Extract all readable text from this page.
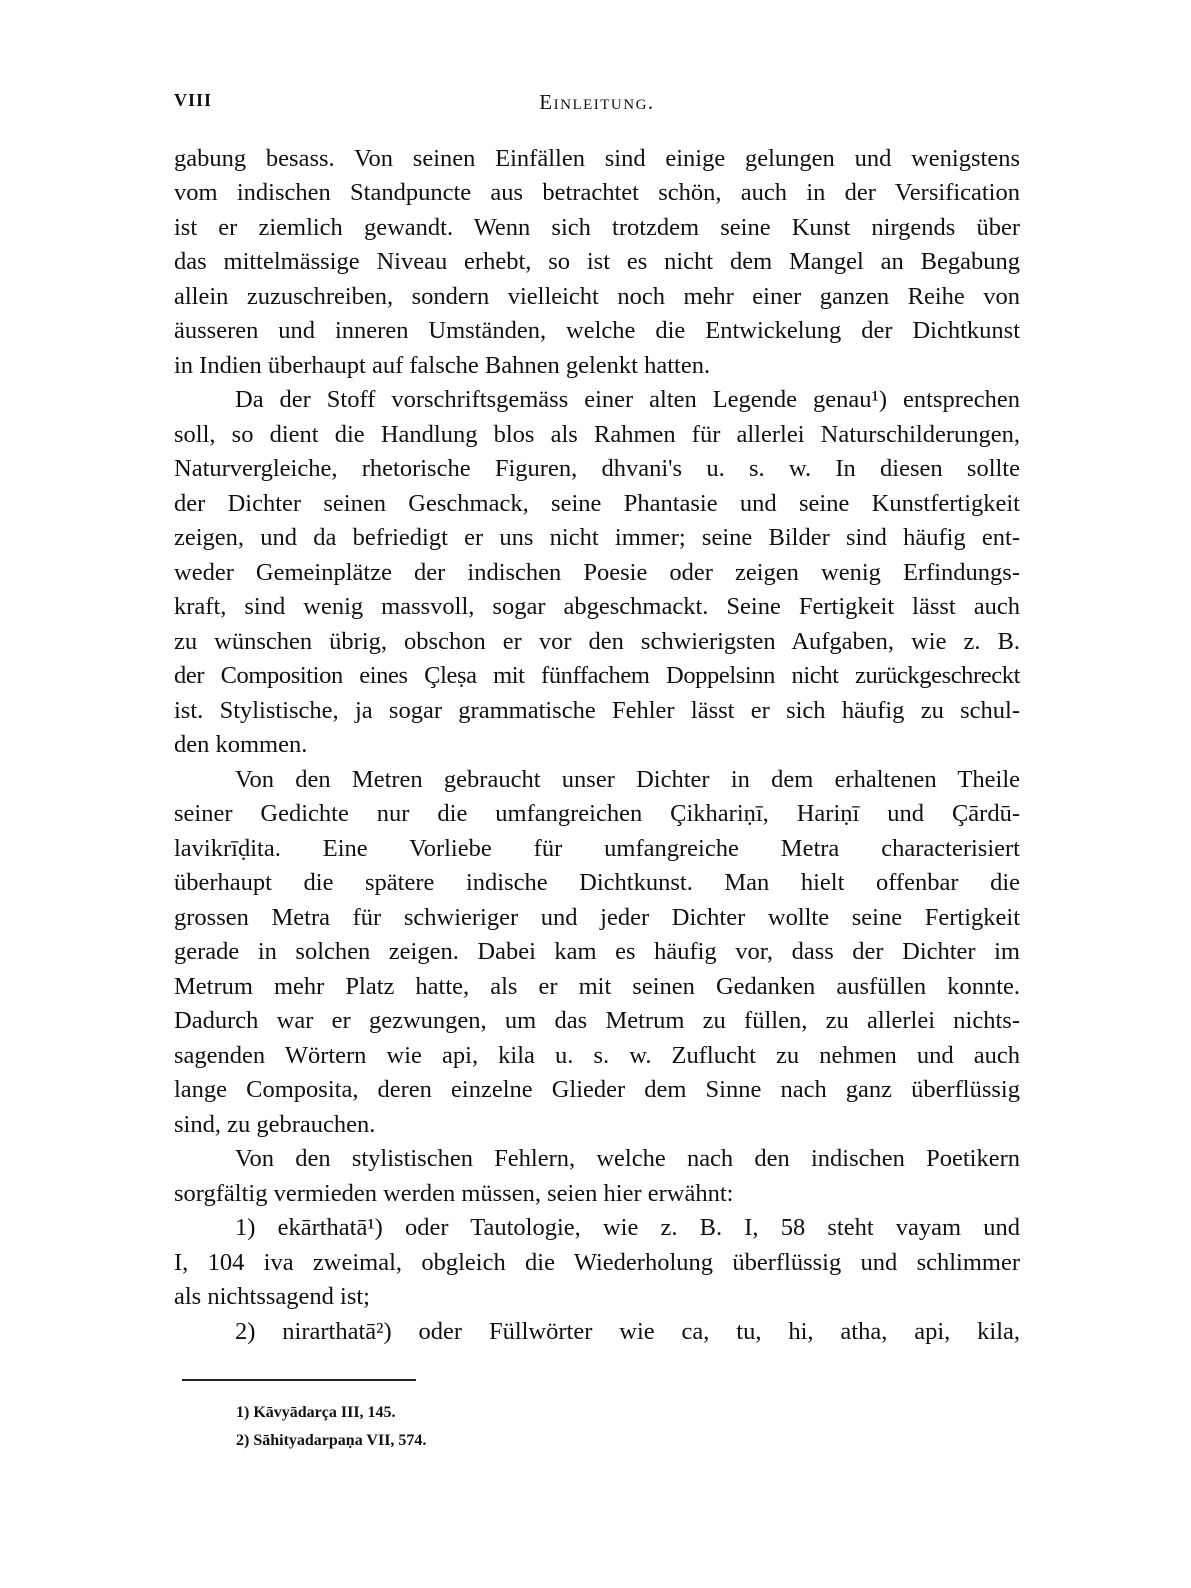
VIII	Einleitung.
gabung besass. Von seinen Einfällen sind einige gelungen und wenigstens
vom indischen Standpuncte aus betrachtet schön, auch in der Versification
ist er ziemlich gewandt. Wenn sich trotzdem seine Kunst nirgends über
das mittelmässige Niveau erhebt, so ist es nicht dem Mangel an Begabung
allein zuzuschreiben, sondern vielleicht noch mehr einer ganzen Reihe von
äusseren und inneren Umständen, welche die Entwickelung der Dichtkunst
in Indien überhaupt auf falsche Bahnen gelenkt hatten.
Da der Stoff vorschriftsgemäss einer alten Legende genau¹) entsprechen
soll, so dient die Handlung blos als Rahmen für allerlei Naturschilderungen,
Naturvergleiche, rhetorische Figuren, dhvani's u. s. w. In diesen sollte
der Dichter seinen Geschmack, seine Phantasie und seine Kunstfertigkeit
zeigen, und da befriedigt er uns nicht immer; seine Bilder sind häufig ent-
weder Gemeinplätze der indischen Poesie oder zeigen wenig Erfindungs-
kraft, sind wenig massvoll, sogar abgeschmackt. Seine Fertigkeit lässt auch
zu wünschen übrig, obschon er vor den schwierigsten Aufgaben, wie z. B.
der Composition eines Çleṣa mit fünffachem Doppelsinn nicht zurückgeschreckt
ist. Stylistische, ja sogar grammatische Fehler lässt er sich häufig zu schul-
den kommen.
Von den Metren gebraucht unser Dichter in dem erhaltenen Theile
seiner Gedichte nur die umfangreichen Çikhariṇī, Hariṇī und Çārdū-
lavikrīḍita. Eine Vorliebe für umfangreiche Metra characterisiert
überhaupt die spätere indische Dichtkunst. Man hielt offenbar die
grossen Metra für schwieriger und jeder Dichter wollte seine Fertigkeit
gerade in solchen zeigen. Dabei kam es häufig vor, dass der Dichter im
Metrum mehr Platz hatte, als er mit seinen Gedanken ausfüllen konnte.
Dadurch war er gezwungen, um das Metrum zu füllen, zu allerlei nichts-
sagenden Wörtern wie api, kila u. s. w. Zuflucht zu nehmen und auch
lange Composita, deren einzelne Glieder dem Sinne nach ganz überflüssig
sind, zu gebrauchen.
Von den stylistischen Fehlern, welche nach den indischen Poetikern
sorgfältig vermieden werden müssen, seien hier erwähnt:
1) ekārthatā¹) oder Tautologie, wie z. B. I, 58 steht vayam und
I, 104 iva zweimal, obgleich die Wiederholung überflüssig und schlimmer
als nichtssagend ist;
2) nirarthatā²) oder Füllwörter wie ca, tu, hi, atha, api, kila,
1) Kāvyādarça III, 145.
2) Sāhityadarpaṇa VII, 574.
